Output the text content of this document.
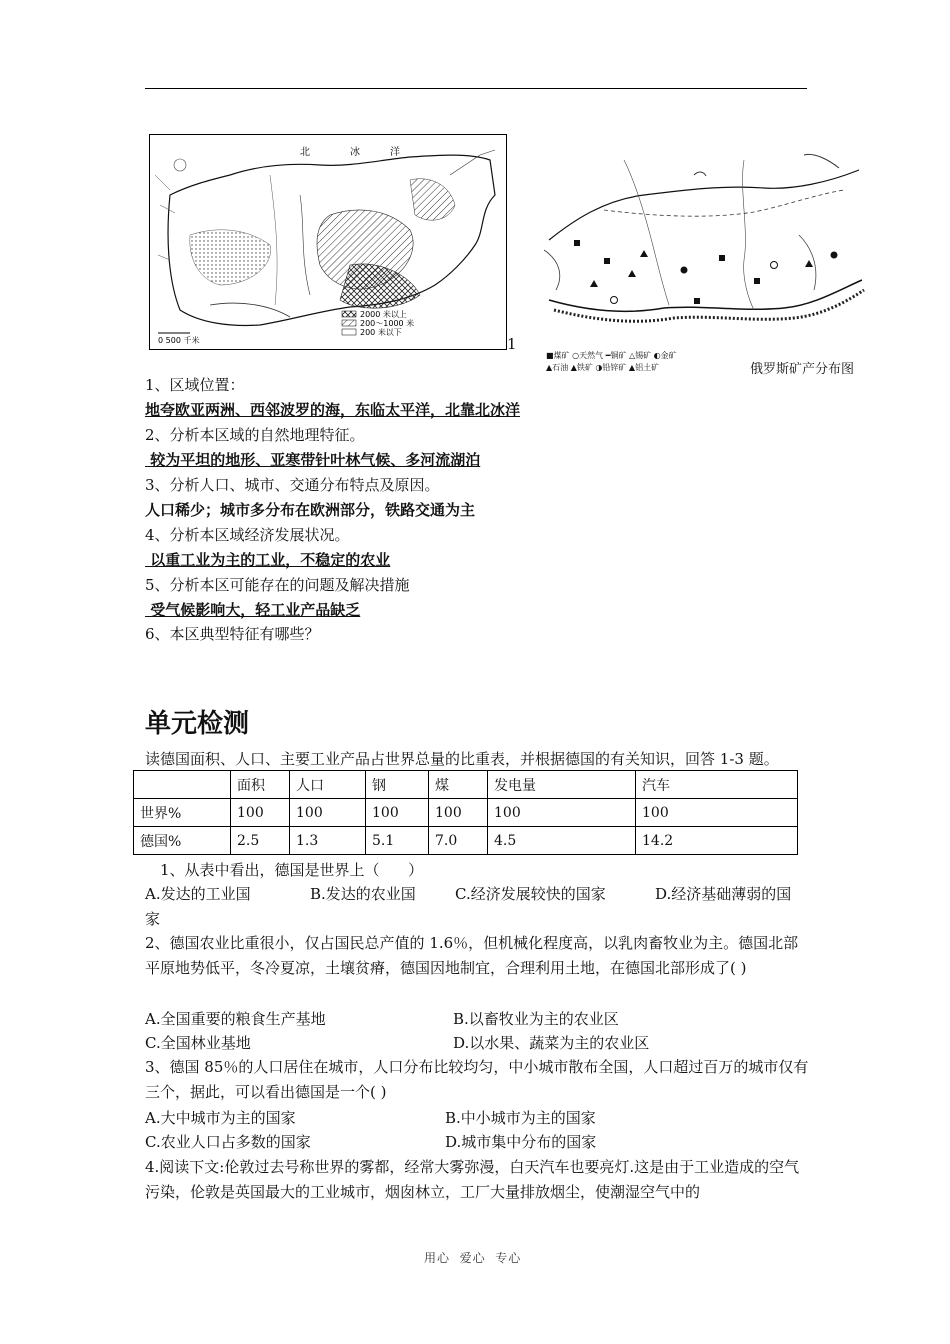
北	冰	洋
2000 米以上
200～1000 米
200 米以下
0 500 千米	1
■煤矿 ○天然气 ━铜矿 △锡矿 ◐金矿
▲石油 ▲铁矿 ◑铅锌矿 ▲铝土矿	俄罗斯矿产分布图
1、区域位置：
地夸欧亚两洲、西邻波罗的海，东临太平洋，北靠北冰洋
2、分析本区域的自然地理特征。
较为平坦的地形、亚寒带针叶林气候、多河流湖泊
3、分析人口、城市、交通分布特点及原因。
人口稀少；城市多分布在欧洲部分，铁路交通为主
4、分析本区域经济发展状况。
以重工业为主的工业，不稳定的农业
5、分析本区可能存在的问题及解决措施
受气候影响大，轻工业产品缺乏
6、本区典型特征有哪些？
单元检测
读德国面积、人口、主要工业产品占世界总量的比重表，并根据德国的有关知识，回答 1-3 题。
	面积	人口	钢	煤	发电量	汽车
世界%	100	100	100	100	100	100
德国%	2.5	1.3	5.1	7.0	4.5	14.2
1、从表中看出，德国是世界上（      ）
A.发达的工业国	B.发达的农业国	C.经济发展较快的国家	D.经济基础薄弱的国
家
2、德国农业比重很小，仅占国民总产值的 1.6％，但机械化程度高，以乳肉畜牧业为主。德国北部平原地势低平，冬冷夏凉，土壤贫瘠，德国因地制宜，合理利用土地，在德国北部形成了( )
A.全国重要的粮食生产基地	B.以畜牧业为主的农业区
C.全国林业基地	D.以水果、蔬菜为主的农业区
3、德国 85％的人口居住在城市，人口分布比较均匀，中小城市散布全国，人口超过百万的城市仅有三个，据此，可以看出德国是一个( )
A.大中城市为主的国家	B.中小城市为主的国家
C.农业人口占多数的国家	D.城市集中分布的国家
4.阅读下文:伦敦过去号称世界的雾都，经常大雾弥漫，白天汽车也要亮灯.这是由于工业造成的空气污染，伦敦是英国最大的工业城市，烟囱林立，工厂大量排放烟尘，使潮湿空气中的
用心  爱心  专心
